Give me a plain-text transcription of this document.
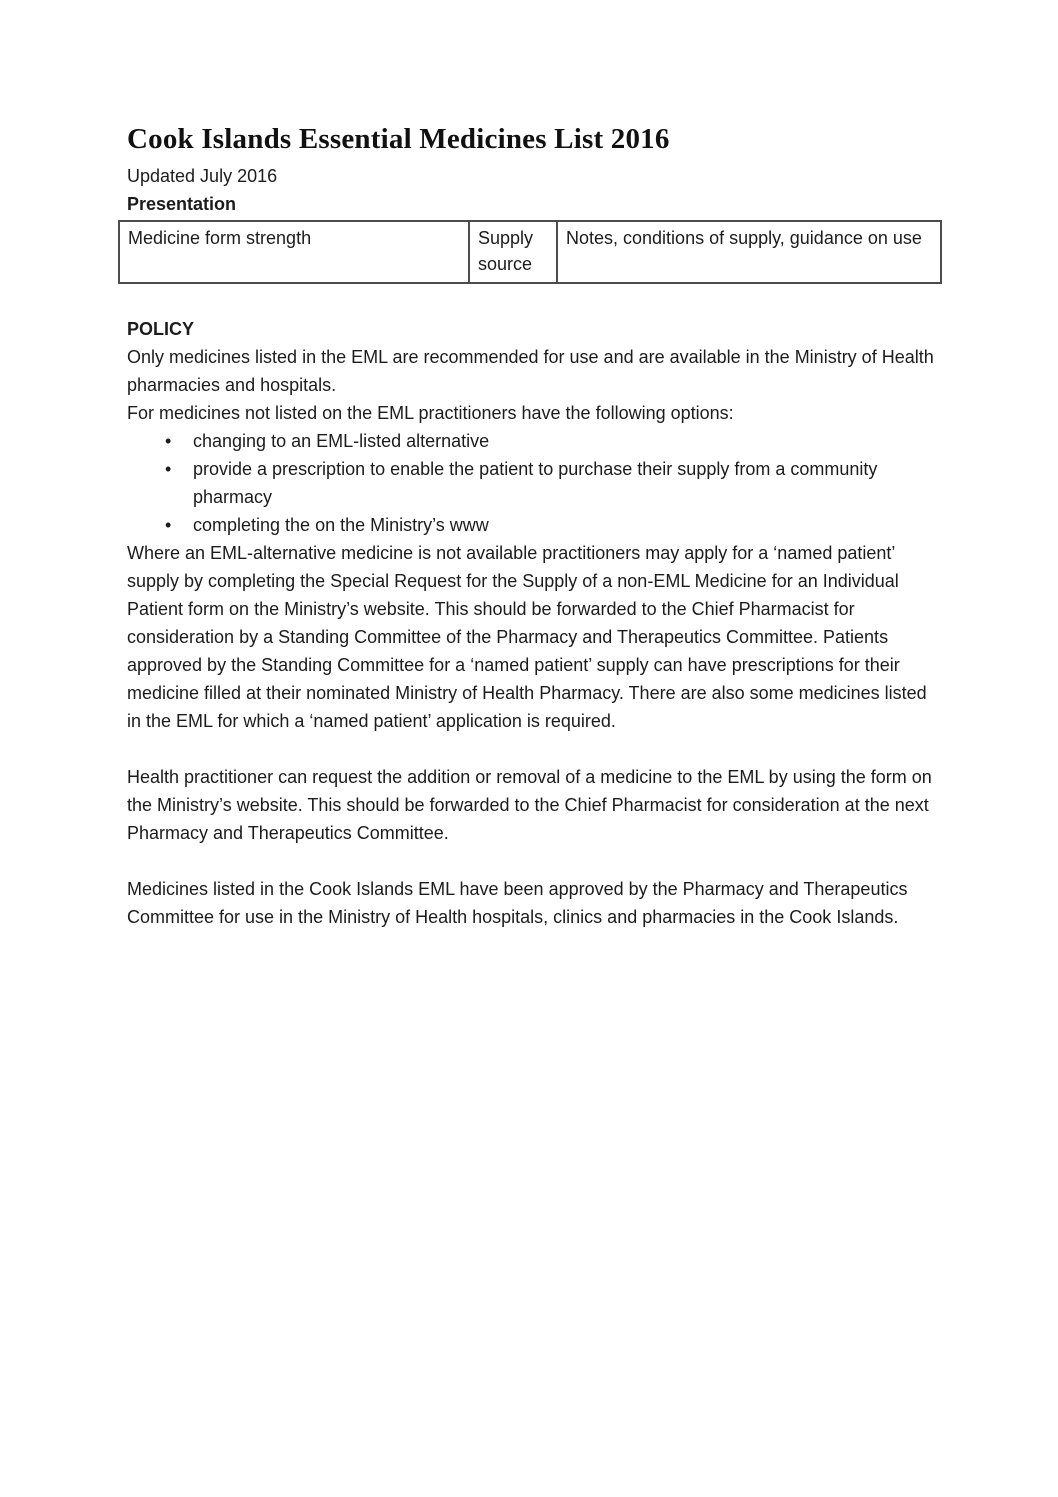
Cook Islands Essential Medicines List 2016

Updated July 2016

Presentation

Medicine form strength	Supply source	Notes, conditions of supply, guidance on use

POLICY

Only medicines listed in the EML are recommended for use and are available in the Ministry of Health pharmacies and hospitals.

For medicines not listed on the EML practitioners have the following options:

• changing to an EML-listed alternative
• provide a prescription to enable the patient to purchase their supply from a community pharmacy
• completing the on the Ministry’s www

Where an EML-alternative medicine is not available practitioners may apply for a ‘named patient’ supply by completing the Special Request for the Supply of a non-EML Medicine for an Individual Patient form on the Ministry’s website. This should be forwarded to the Chief Pharmacist for consideration by a Standing Committee of the Pharmacy and Therapeutics Committee. Patients approved by the Standing Committee for a ‘named patient’ supply can have prescriptions for their medicine filled at their nominated Ministry of Health Pharmacy. There are also some medicines listed in the EML for which a ‘named patient’ application is required.

Health practitioner can request the addition or removal of a medicine to the EML by using the form on the Ministry’s website. This should be forwarded to the Chief Pharmacist for consideration at the next Pharmacy and Therapeutics Committee.

Medicines listed in the Cook Islands EML have been approved by the Pharmacy and Therapeutics Committee for use in the Ministry of Health hospitals, clinics and pharmacies in the Cook Islands.
